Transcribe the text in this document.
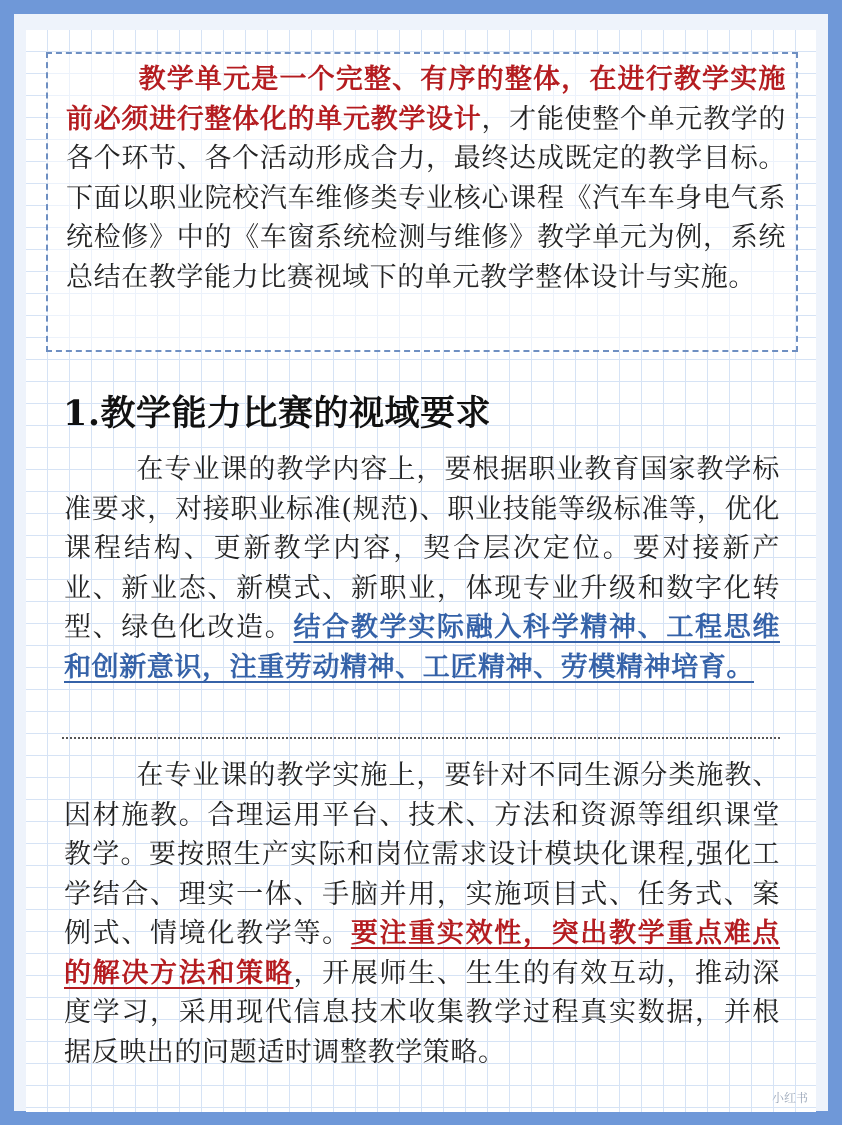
教学单元是一个完整、有序的整体，在进行教学实施前必须进行整体化的单元教学设计，才能使整个单元教学的各个环节、各个活动形成合力，最终达成既定的教学目标。下面以职业院校汽车维修类专业核心课程《汽车车身电气系统检修》中的《车窗系统检测与维修》教学单元为例，系统总结在教学能力比赛视域下的单元教学整体设计与实施。

1.教学能力比赛的视域要求

在专业课的教学内容上，要根据职业教育国家教学标准要求，对接职业标准(规范)、职业技能等级标准等，优化课程结构、更新教学内容，契合层次定位。要对接新产业、新业态、新模式、新职业，体现专业升级和数字化转型、绿色化改造。结合教学实际融入科学精神、工程思维和创新意识，注重劳动精神、工匠精神、劳模精神培育。

在专业课的教学实施上，要针对不同生源分类施教、因材施教。合理运用平台、技术、方法和资源等组织课堂教学。要按照生产实际和岗位需求设计模块化课程,强化工学结合、理实一体、手脑并用，实施项目式、任务式、案例式、情境化教学等。要注重实效性，突出教学重点难点的解决方法和策略，开展师生、生生的有效互动，推动深度学习，采用现代信息技术收集教学过程真实数据，并根据反映出的问题适时调整教学策略。

小红书
